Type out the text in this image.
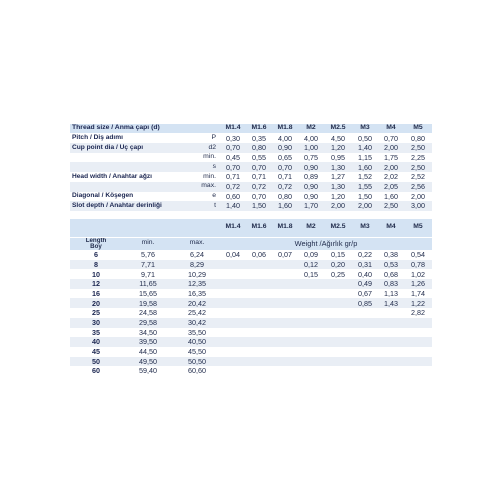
Thread size / Anma çapı (d)		M1.4	M1.6	M1.8	M2	M2.5	M3	M4	M5
Pitch / Diş adımı	P	0,30	0,35	4,00	4,00	4,50	0,50	0,70	0,80
Cup point dia / Uç çapı	d2	0,70	0,80	0,90	1,00	1,20	1,40	2,00	2,50
	min.	0,45	0,55	0,65	0,75	0,95	1,15	1,75	2,25
	s	0,70	0,70	0,70	0,90	1,30	1,60	2,00	2,50
Head width / Anahtar ağzı	min.	0,71	0,71	0,71	0,89	1,27	1,52	2,02	2,52
	max.	0,72	0,72	0,72	0,90	1,30	1,55	2,05	2,56
Diagonal / Köşegen	e	0,60	0,70	0,80	0,90	1,20	1,50	1,60	2,00
Slot depth / Anahtar derinliği	t	1,40	1,50	1,60	1,70	2,00	2,00	2,50	3,00
			M1.4	M1.6	M1.8	M2	M2.5	M3	M4	M5

Length
Boy	min.	max.	Weight /Ağırlık gr/p							
6	5,76	6,24	0,04	0,06	0,07	0,09	0,15	0,22	0,38	0,54
8	7,71	8,29				0,12	0,20	0,31	0,53	0,78
10	9,71	10,29				0,15	0,25	0,40	0,68	1,02
12	11,65	12,35						0,49	0,83	1,26
16	15,65	16,35						0,67	1,13	1,74
20	19,58	20,42						0,85	1,43	1,22
25	24,58	25,42								2,82
30	29,58	30,42								
35	34,50	35,50								
40	39,50	40,50								
45	44,50	45,50								
50	49,50	50,50								
60	59,40	60,60								
